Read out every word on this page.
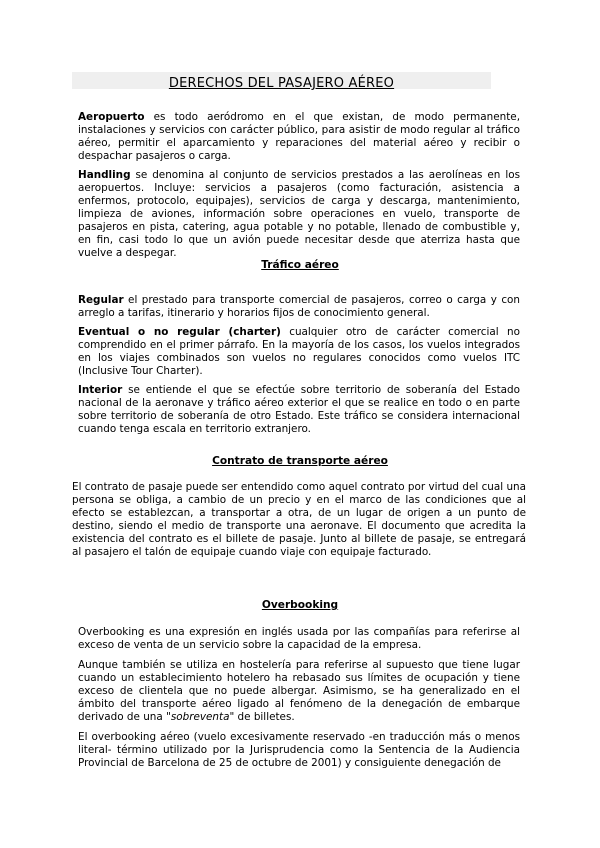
DERECHOS DEL PASAJERO AÉREO

Aeropuerto es todo aeródromo en el que existan, de modo permanente, instalaciones y servicios con carácter público, para asistir de modo regular al tráfico aéreo, permitir el aparcamiento y reparaciones del material aéreo y recibir o despachar pasajeros o carga.

Handling se denomina al conjunto de servicios prestados a las aerolíneas en los aeropuertos. Incluye: servicios a pasajeros (como facturación, asistencia a enfermos, protocolo, equipajes), servicios de carga y descarga, mantenimiento, limpieza de aviones, información sobre operaciones en vuelo, transporte de pasajeros en pista, catering, agua potable y no potable, llenado de combustible y, en fin, casi todo lo que un avión puede necesitar desde que aterriza hasta que vuelve a despegar.

Tráfico aéreo

Regular el prestado para transporte comercial de pasajeros, correo o carga y con arreglo a tarifas, itinerario y horarios fijos de conocimiento general.

Eventual o no regular (charter) cualquier otro de carácter comercial no comprendido en el primer párrafo. En la mayoría de los casos, los vuelos integrados en los viajes combinados son vuelos no regulares conocidos como vuelos ITC (Inclusive Tour Charter).

Interior se entiende el que se efectúe sobre territorio de soberanía del Estado nacional de la aeronave y tráfico aéreo exterior el que se realice en todo o en parte sobre territorio de soberanía de otro Estado. Este tráfico se considera internacional cuando tenga escala en territorio extranjero.

Contrato de transporte aéreo

El contrato de pasaje puede ser entendido como aquel contrato por virtud del cual una persona se obliga, a cambio de un precio y en el marco de las condiciones que al efecto se establezcan, a transportar a otra, de un lugar de origen a un punto de destino, siendo el medio de transporte una aeronave. El documento que acredita la existencia del contrato es el billete de pasaje. Junto al billete de pasaje, se entregará al pasajero el talón de equipaje cuando viaje con equipaje facturado.

Overbooking

Overbooking es una expresión en inglés usada por las compañías para referirse al exceso de venta de un servicio sobre la capacidad de la empresa.

Aunque también se utiliza en hostelería para referirse al supuesto que tiene lugar cuando un establecimiento hotelero ha rebasado sus límites de ocupación y tiene exceso de clientela que no puede albergar. Asimismo, se ha generalizado en el ámbito del transporte aéreo ligado al fenómeno de la denegación de embarque derivado de una "sobreventa" de billetes.

El overbooking aéreo (vuelo excesivamente reservado -en traducción más o menos literal- término utilizado por la Jurisprudencia como la Sentencia de la Audiencia Provincial de Barcelona de 25 de octubre de 2001) y consiguiente denegación de
